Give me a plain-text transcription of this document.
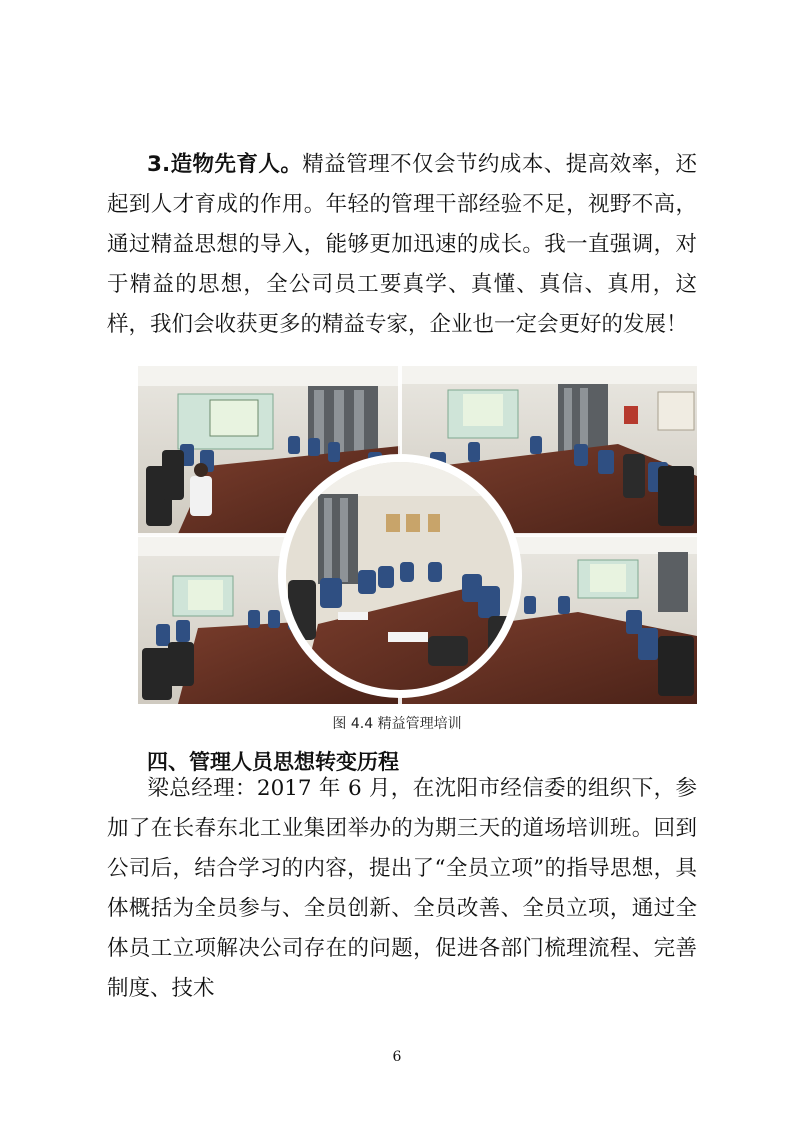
3.造物先育人。精益管理不仅会节约成本、提高效率，还起到人才育成的作用。年轻的管理干部经验不足，视野不高，通过精益思想的导入，能够更加迅速的成长。我一直强调，对于精益的思想，全公司员工要真学、真懂、真信、真用，这样，我们会收获更多的精益专家，企业也一定会更好的发展！

图 4.4 精益管理培训
四、管理人员思想转变历程

梁总经理：2017 年 6 月，在沈阳市经信委的组织下，参加了在长春东北工业集团举办的为期三天的道场培训班。回到公司后，结合学习的内容，提出了“全员立项”的指导思想，具体概括为全员参与、全员创新、全员改善、全员立项，通过全体员工立项解决公司存在的问题，促进各部门梳理流程、完善制度、技术

6
